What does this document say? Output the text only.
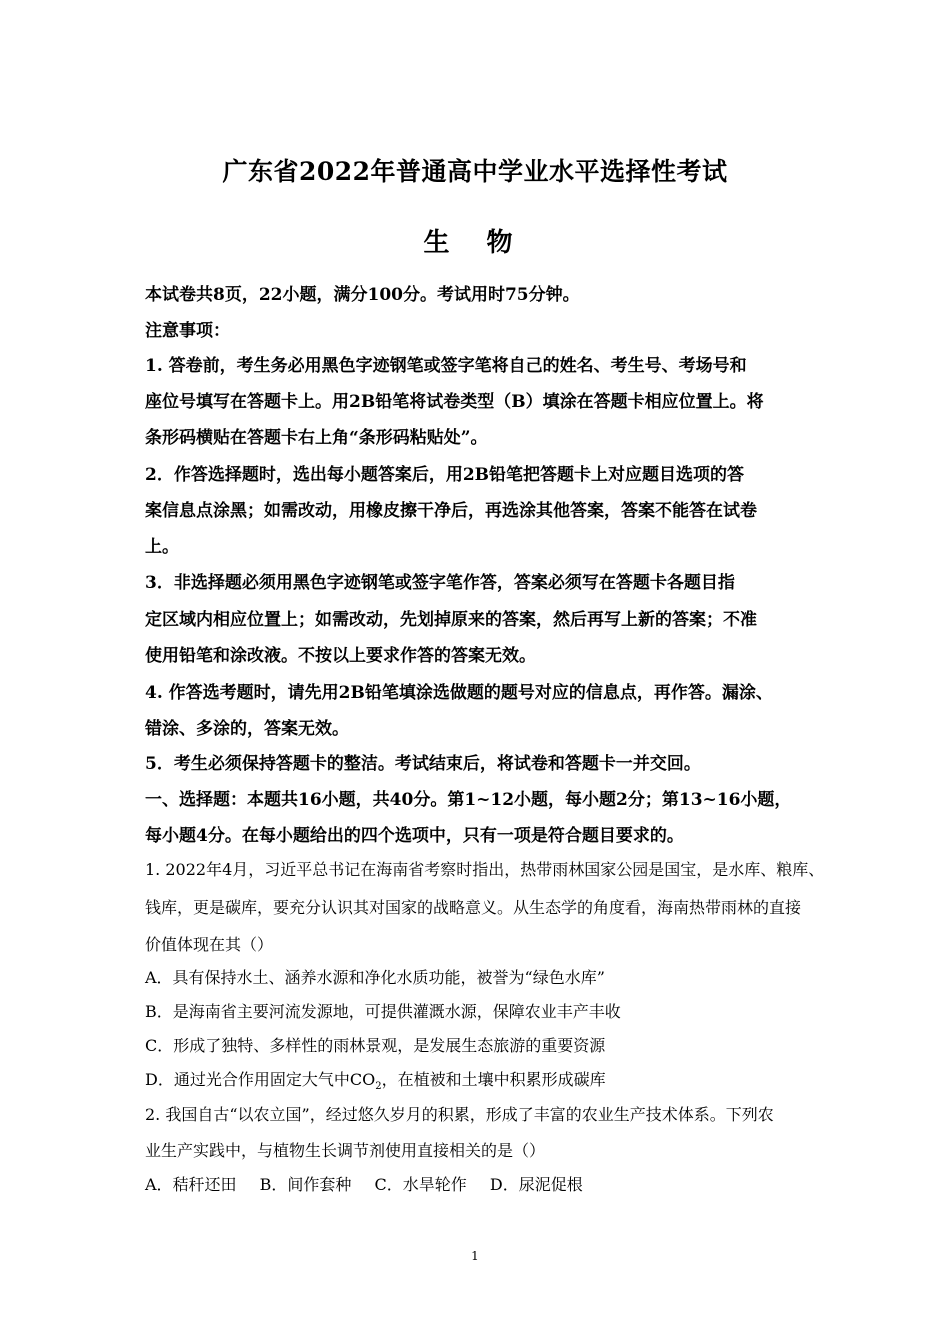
广东省2022年普通高中学业水平选择性考试
生 物
本试卷共8页，22小题，满分100分。考试用时75分钟。
注意事项：
1. 答卷前，考生务必用黑色字迹钢笔或签字笔将自己的姓名、考生号、考场号和
座位号填写在答题卡上。用2B铅笔将试卷类型（B）填涂在答题卡相应位置上。将
条形码横贴在答题卡右上角“条形码粘贴处”。
2．作答选择题时，选出每小题答案后，用2B铅笔把答题卡上对应题目选项的答
案信息点涂黑；如需改动，用橡皮擦干净后，再选涂其他答案，答案不能答在试卷
上。
3．非选择题必须用黑色字迹钢笔或签字笔作答，答案必须写在答题卡各题目指
定区域内相应位置上；如需改动，先划掉原来的答案，然后再写上新的答案；不准
使用铅笔和涂改液。不按以上要求作答的答案无效。
4. 作答选考题时，请先用2B铅笔填涂选做题的题号对应的信息点，再作答。漏涂、
错涂、多涂的，答案无效。
5．考生必须保持答题卡的整洁。考试结束后，将试卷和答题卡一并交回。
一、选择题：本题共16小题，共40分。第1~12小题，每小题2分；第13~16小题，
每小题4分。在每小题给出的四个选项中，只有一项是符合题目要求的。
1. 2022年4月，习近平总书记在海南省考察时指出，热带雨林国家公园是国宝，是水库、粮库、
钱库，更是碳库，要充分认识其对国家的战略意义。从生态学的角度看，海南热带雨林的直接
价值体现在其（）
A．具有保持水土、涵养水源和净化水质功能，被誉为“绿色水库”
B．是海南省主要河流发源地，可提供灌溉水源，保障农业丰产丰收
C．形成了独特、多样性的雨林景观，是发展生态旅游的重要资源
D．通过光合作用固定大气中$CO_2$，在植被和土壤中积累形成碳库
2. 我国自古“以农立国”，经过悠久岁月的积累，形成了丰富的农业生产技术体系。下列农
业生产实践中，与植物生长调节剂使用直接相关的是（）
A．秸秆还田 B．间作套种 C．水旱轮作 D．尿泥促根
1
